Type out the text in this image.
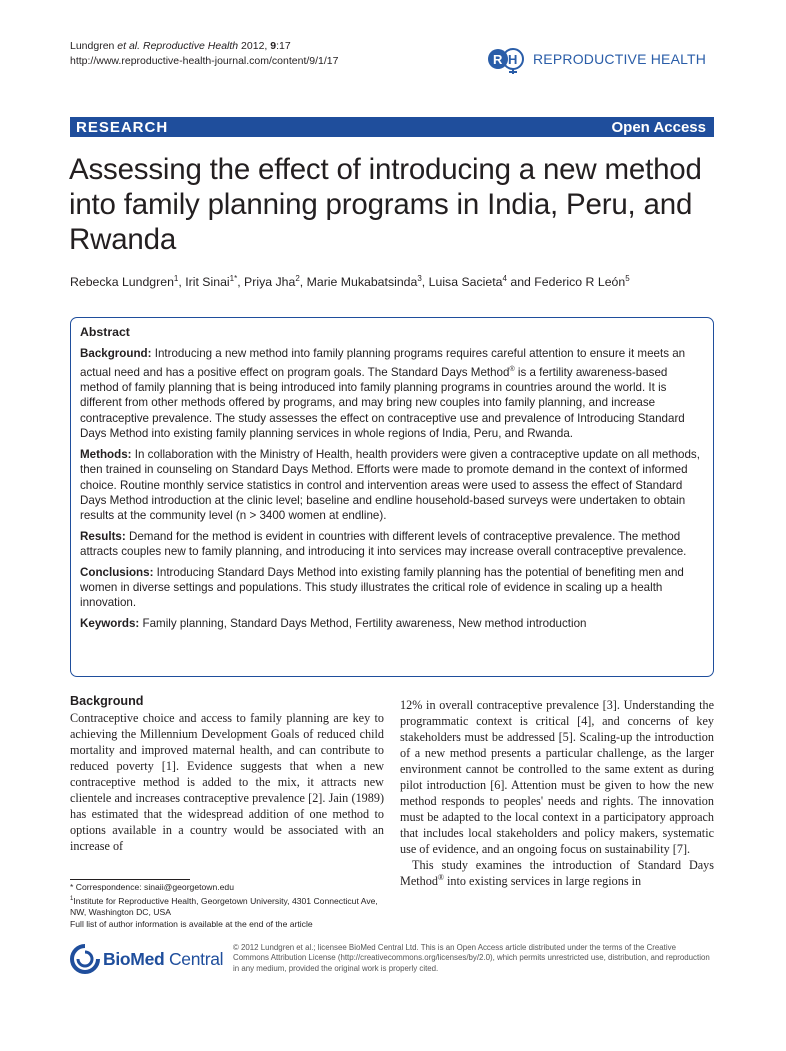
Lundgren et al. Reproductive Health 2012, 9:17
http://www.reproductive-health-journal.com/content/9/1/17	R H REPRODUCTIVE HEALTH
RESEARCH	Open Access
Assessing the effect of introducing a new method into family planning programs in India, Peru, and Rwanda
Rebecka Lundgren$^1$, Irit Sinai$^{1*}$, Priya Jha$^2$, Marie Mukabatsinda$^3$, Luisa Sacieta$^4$ and Federico R León$^5$
Abstract

Background: Introducing a new method into family planning programs requires careful attention to ensure it meets an actual need and has a positive effect on program goals. The Standard Days Method® is a fertility awareness-based method of family planning that is being introduced into family planning programs in countries around the world. It is different from other methods offered by programs, and may bring new couples into family planning, and increase contraceptive prevalence. The study assesses the effect on contraceptive use and prevalence of Introducing Standard Days Method into existing family planning services in whole regions of India, Peru, and Rwanda.

Methods: In collaboration with the Ministry of Health, health providers were given a contraceptive update on all methods, then trained in counseling on Standard Days Method. Efforts were made to promote demand in the context of informed choice. Routine monthly service statistics in control and intervention areas were used to assess the effect of Standard Days Method introduction at the clinic level; baseline and endline household-based surveys were undertaken to obtain results at the community level (n > 3400 women at endline).

Results: Demand for the method is evident in countries with different levels of contraceptive prevalence. The method attracts couples new to family planning, and introducing it into services may increase overall contraceptive prevalence.

Conclusions: Introducing Standard Days Method into existing family planning has the potential of benefiting men and women in diverse settings and populations. This study illustrates the critical role of evidence in scaling up a health innovation.

Keywords: Family planning, Standard Days Method, Fertility awareness, New method introduction

Background

Contraceptive choice and access to family planning are key to achieving the Millennium Development Goals of reduced child mortality and improved maternal health, and can contribute to reduced poverty [1]. Evidence suggests that when a new contraceptive method is added to the mix, it attracts new clientele and increases contraceptive prevalence [2]. Jain (1989) has estimated that the widespread addition of one method to options available in a country would be associated with an increase of

12% in overall contraceptive prevalence [3]. Understanding the programmatic context is critical [4], and concerns of key stakeholders must be addressed [5]. Scaling-up the introduction of a new method presents a particular challenge, as the larger environment cannot be controlled to the same extent as during pilot introduction [6]. Attention must be given to how the new method responds to peoples' needs and rights. The innovation must be adapted to the local context in a participatory approach that includes local stakeholders and policy makers, systematic use of evidence, and an ongoing focus on sustainability [7].

This study examines the introduction of Standard Days Method® into existing services in large regions in

* Correspondence: sinaii@georgetown.edu
$^1$Institute for Reproductive Health, Georgetown University, 4301 Connecticut Ave, NW, Washington DC, USA
Full list of author information is available at the end of the article
BioMed Central
© 2012 Lundgren et al.; licensee BioMed Central Ltd. This is an Open Access article distributed under the terms of the Creative Commons Attribution License (http://creativecommons.org/licenses/by/2.0), which permits unrestricted use, distribution, and reproduction in any medium, provided the original work is properly cited.
